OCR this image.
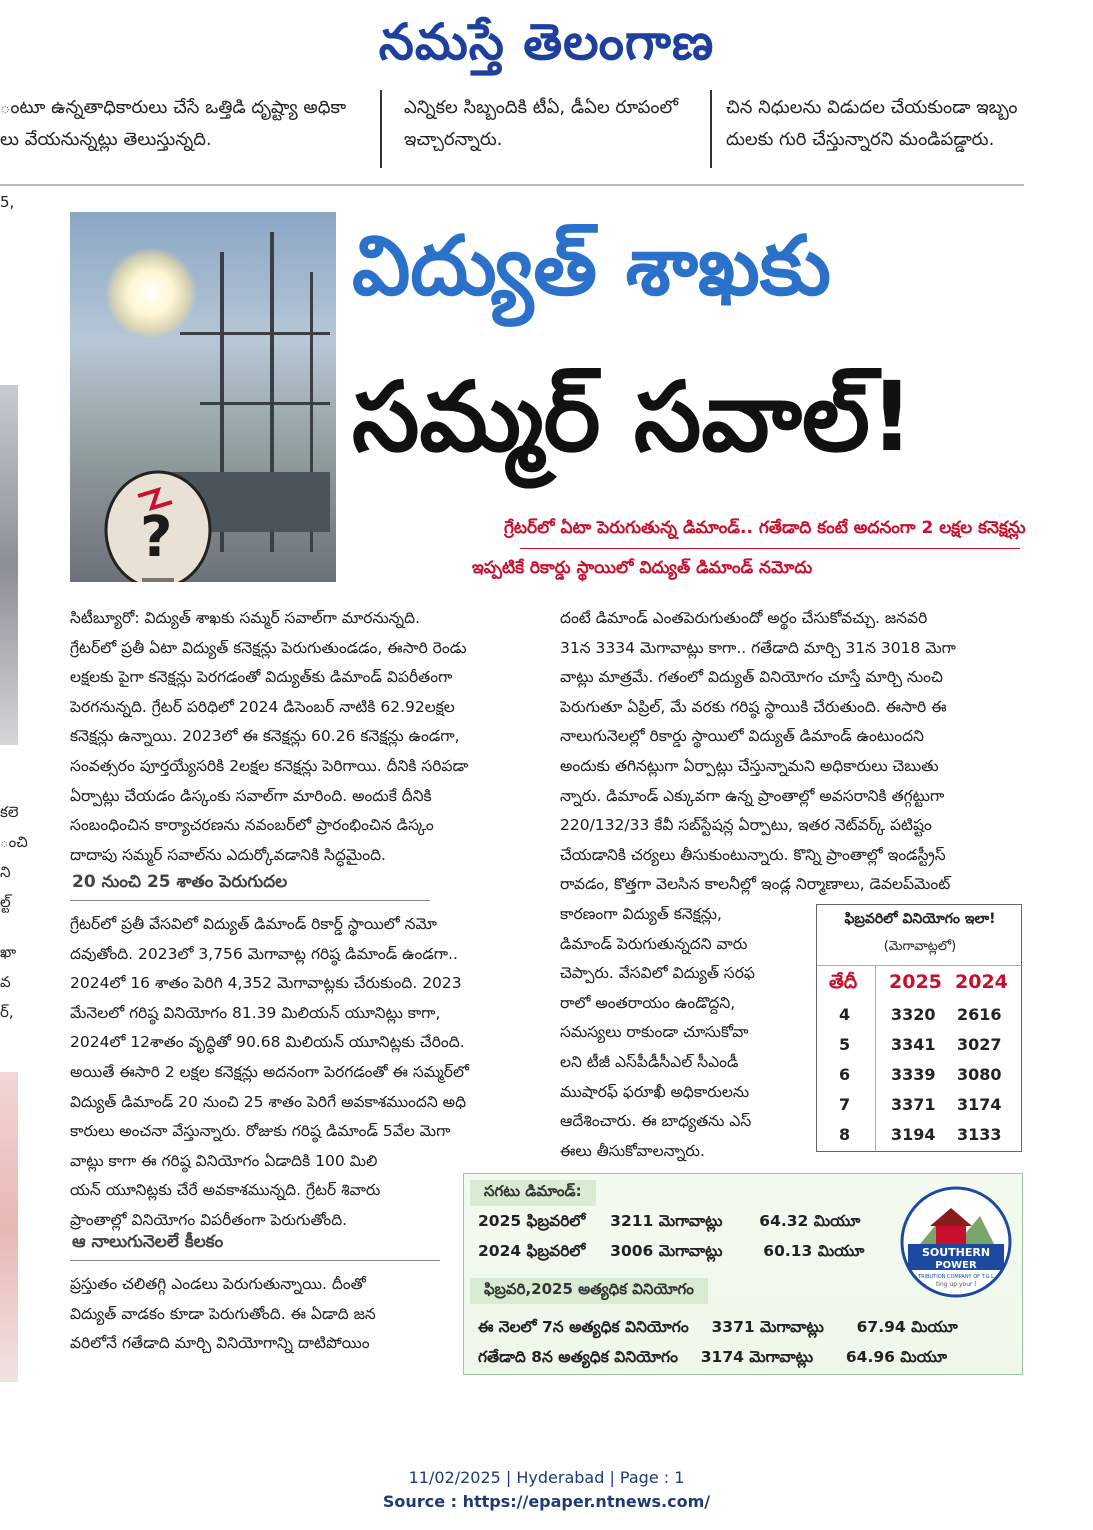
నమస్తే తెలంగాణ

ంటూ ఉన్నతాధికారులు చేసే ఒత్తిడి దృష్ట్యా అధికా

లు వేయనున్నట్లు తెలుస్తున్నది.

ఎన్నికల సిబ్బందికి టీఏ, డీఏల రూపంలో

ఇచ్చారన్నారు.

చిన నిధులను విడుదల చేయకుండా ఇబ్బం

దులకు గురి చేస్తున్నారని మండిపడ్డారు.

కలె
ంచి
ని
ల్ట్
ఖా
వ
ర్,
5,
?
విద్యుత్ శాఖకు
సమ్మర్ సవాల్!
గ్రేటర్‌లో ఏటా పెరుగుతున్న డిమాండ్.. గతేడాది కంటే అదనంగా 2 లక్షల కనెక్షన్లు
ఇప్పటికే రికార్డు స్థాయిలో విద్యుత్ డిమాండ్ నమోదు

సిటీబ్యూరో: విద్యుత్ శాఖకు సమ్మర్ సవాల్‌గా మారనున్నది.

గ్రేటర్‌లో ప్రతీ ఏటా విద్యుత్ కనెక్షన్లు పెరుగుతుండడం, ఈసారి రెండు

లక్షలకు పైగా కనెక్షన్లు పెరగడంతో విద్యుత్‌కు డిమాండ్ విపరీతంగా

పెరగనున్నది. గ్రేటర్ పరిధిలో 2024 డిసెంబర్ నాటికి 62.92లక్షల

కనెక్షన్లు ఉన్నాయి. 2023లో ఈ కనెక్షన్లు 60.26 కనెక్షన్లు ఉండగా,

సంవత్సరం పూర్తయ్యేసరికి 2లక్షల కనెక్షన్లు పెరిగాయి. దీనికి సరిపడా

ఏర్పాట్లు చేయడం డిస్కంకు సవాల్‌గా మారింది. అందుకే దీనికి

సంబంధించిన కార్యాచరణను నవంబర్‌లో ప్రారంభించిన డిస్కం

దాదాపు సమ్మర్ సవాల్‌ను ఎదుర్కోవడానికి సిద్ధమైంది.

20 నుంచి 25 శాతం పెరుగుదల

గ్రేటర్‌లో ప్రతీ వేసవిలో విద్యుత్ డిమాండ్ రికార్డ్ స్థాయిలో నమో

దవుతోంది. 2023లో 3,756 మెగావాట్ల గరిష్ఠ డిమాండ్ ఉండగా..

2024లో 16 శాతం పెరిగి 4,352 మెగావాట్లకు చేరుకుంది. 2023

మేనెలలో గరిష్ఠ వినియోగం 81.39 మిలియన్ యూనిట్లు కాగా,

2024లో 12శాతం వృద్ధితో 90.68 మిలియన్ యూనిట్లకు చేరింది.

అయితే ఈసారి 2 లక్షల కనెక్షన్లు అదనంగా పెరగడంతో ఈ సమ్మర్‌లో

విద్యుత్ డిమాండ్ 20 నుంచి 25 శాతం పెరిగే అవకాశముందని అధి

కారులు అంచనా వేస్తున్నారు. రోజుకు గరిష్ఠ డిమాండ్ 5వేల మెగా

వాట్లు కాగా ఈ గరిష్ఠ వినియోగం ఏడాదికి 100 మిలి

యన్ యూనిట్లకు చేరే అవకాశమున్నది. గ్రేటర్ శివారు

ప్రాంతాల్లో వినియోగం విపరీతంగా పెరుగుతోంది.

ఆ నాలుగునెలలే కీలకం

ప్రస్తుతం చలితగ్గి ఎండలు పెరుగుతున్నాయి. దీంతో

విద్యుత్ వాడకం కూడా పెరుగుతోంది. ఈ ఏడాది జన

వరిలోనే గతేడాది మార్చి వినియోగాన్ని దాటిపోయిం

దంటే డిమాండ్ ఎంతపెరుగుతుందో అర్థం చేసుకోవచ్చు. జనవరి

31న 3334 మెగావాట్లు కాగా.. గతేడాది మార్చి 31న 3018 మెగా

వాట్లు మాత్రమే. గతంలో విద్యుత్ వినియోగం చూస్తే మార్చి నుంచి

పెరుగుతూ ఏప్రిల్, మే వరకు గరిష్ఠ స్థాయికి చేరుతుంది. ఈసారి ఈ

నాలుగునెలల్లో రికార్డు స్థాయిలో విద్యుత్ డిమాండ్ ఉంటుందని

అందుకు తగినట్లుగా ఏర్పాట్లు చేస్తున్నామని అధికారులు చెబుతు

న్నారు. డిమాండ్ ఎక్కువగా ఉన్న ప్రాంతాల్లో అవసరానికి తగ్గట్టుగా

220/132/33 కేవీ సబ్‌స్టేషన్ల ఏర్పాటు, ఇతర నెట్‌వర్క్ పటిష్టం

చేయడానికి చర్యలు తీసుకుంటున్నారు. కొన్ని ప్రాంతాల్లో ఇండస్ట్రీస్

రావడం, కొత్తగా వెలసిన కాలనీల్లో ఇండ్ల నిర్మాణాలు, డెవలప్‌మెంట్

కారణంగా విద్యుత్ కనెక్షన్లు,

డిమాండ్ పెరుగుతున్నదని వారు

చెప్పారు. వేసవిలో విద్యుత్ సరఫ

రాలో అంతరాయం ఉండొద్దని,

సమస్యలు రాకుండా చూసుకోవా

లని టీజీ ఎస్‌పీడీసీఎల్ సీఎండీ

ముషారఫ్ ఫరూఖీ అధికారులను

ఆదేశించారు. ఈ బాధ్యతను ఎస్

ఈలు తీసుకోవాలన్నారు.

ఫిబ్రవరిలో వినియోగం ఇలా!
(మెగావాట్లలో)
తేదీ 2025 2024
4	3320 2616
5	3341 3027
6	3339 3080
7	3371 3174
8	3194 3133
సగటు డిమాండ్:
2025 ఫిబ్రవరిలో 3211 మెగావాట్లు 64.32 మియూ
2024 ఫిబ్రవరిలో 3006 మెగావాట్లు	60.13 మియూ
ఫిబ్రవరి,2025 అత్యధిక వినియోగం
ఈ నెలలో 7న అత్యధిక వినియోగం 3371 మెగావాట్లు 67.94 మియూ
గతేడాది 8న అత్యధిక వినియోగం 3174 మెగావాట్లు 64.96 మియూ
SOUTHERN
POWER
TRIBUTION COMPANY OF T.G.L
ting up your l
11/02/2025 | Hyderabad | Page : 1
Source : https://epaper.ntnews.com/
